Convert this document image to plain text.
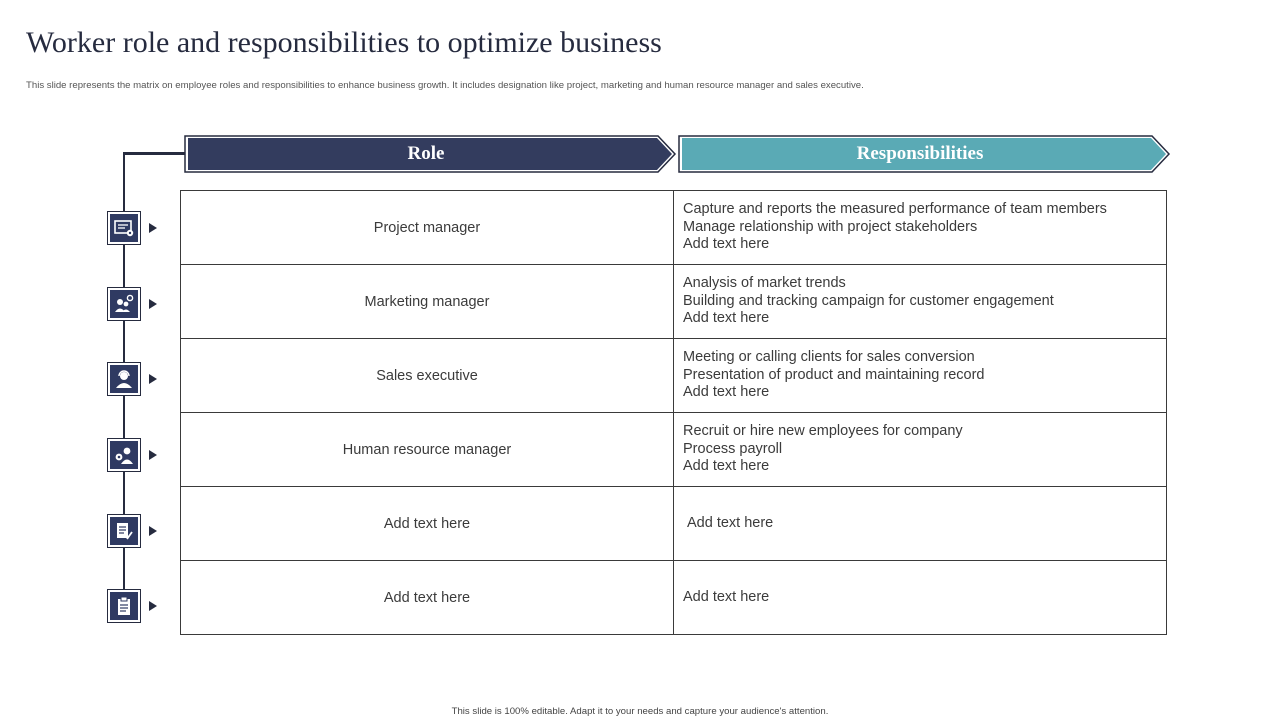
Worker role and responsibilities to optimize business
This slide represents the matrix on employee roles and responsibilities to enhance business growth. It includes designation like project, marketing and human resource manager and sales executive.
Role	Responsibilities
Project manager	Capture and reports the measured performance of team members
Manage relationship with project stakeholders
Add text here

Marketing manager	Analysis of market trends
Building and tracking campaign for customer engagement
Add text here

Sales executive	Meeting or calling clients for sales conversion
Presentation of product and maintaining record
Add text here

Human resource manager	Recruit or hire new employees for company
Process payroll
Add text here

Add text here	Add text here

Add text here	Add text here
This slide is 100% editable. Adapt it to your needs and capture your audience's attention.
